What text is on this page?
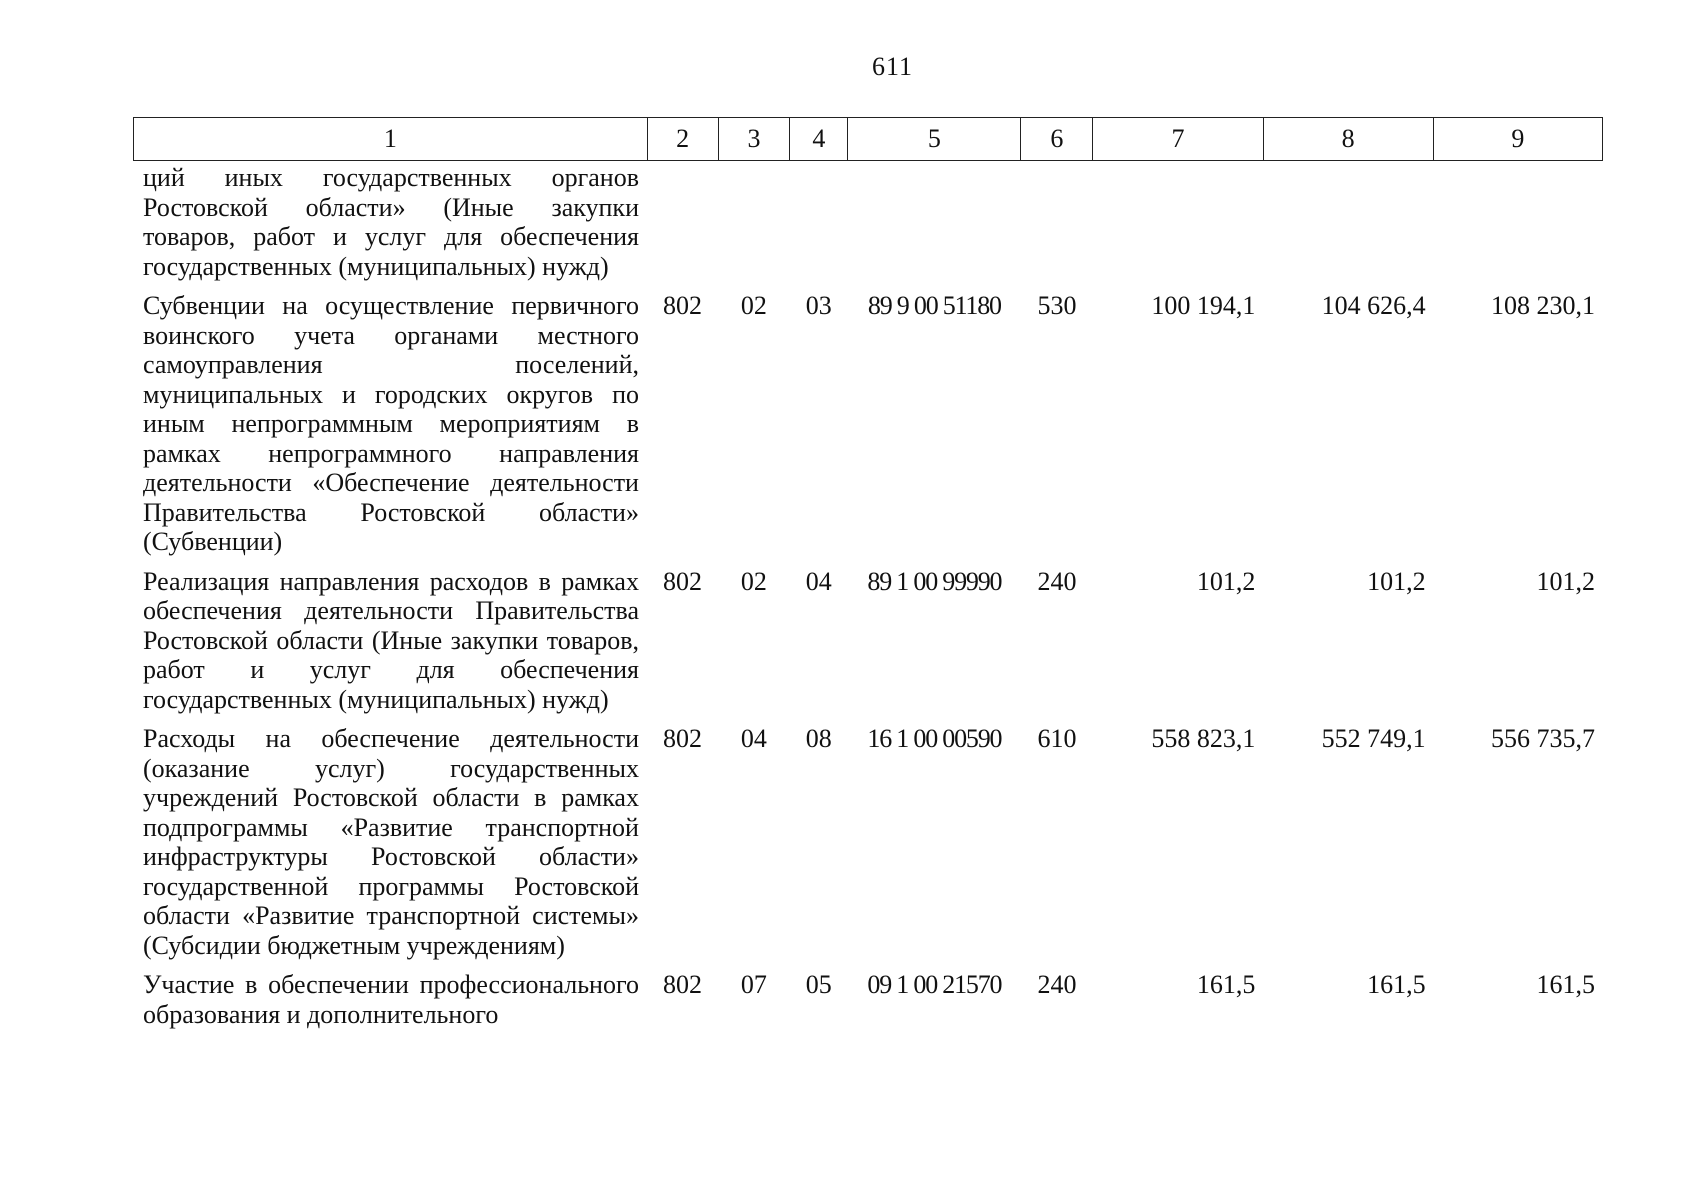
611
1	2	3	4	5	6	7	8	9
ций иных государственных органов Ростовской области» (Иные закупки товаров, работ и услуг для обеспечения государственных (муниципальных) нужд)								
Субвенции на осуществление первичного воинского учета органами местного самоуправления поселений, муниципальных и городских округов по иным непрограммным мероприятиям в рамках непрограммного направления деятельности «Обеспечение деятельности Правительства Ростовской области» (Субвенции)	802	02	03	89 9 00 51180	530	100 194,1	104 626,4	108 230,1
Реализация направления расходов в рамках обеспечения деятельности Правительства Ростовской области (Иные закупки товаров, работ и услуг для обеспечения государственных (муниципальных) нужд)	802	02	04	89 1 00 99990	240	101,2	101,2	101,2
Расходы на обеспечение деятельности (оказание услуг) государственных учреждений Ростовской области в рамках подпрограммы «Развитие транспортной инфраструктуры Ростовской области» государственной программы Ростовской области «Развитие транспортной системы» (Субсидии бюджетным учреждениям)	802	04	08	16 1 00 00590	610	558 823,1	552 749,1	556 735,7
Участие в обеспечении профессионального образования и дополнительного	802	07	05	09 1 00 21570	240	161,5	161,5	161,5
